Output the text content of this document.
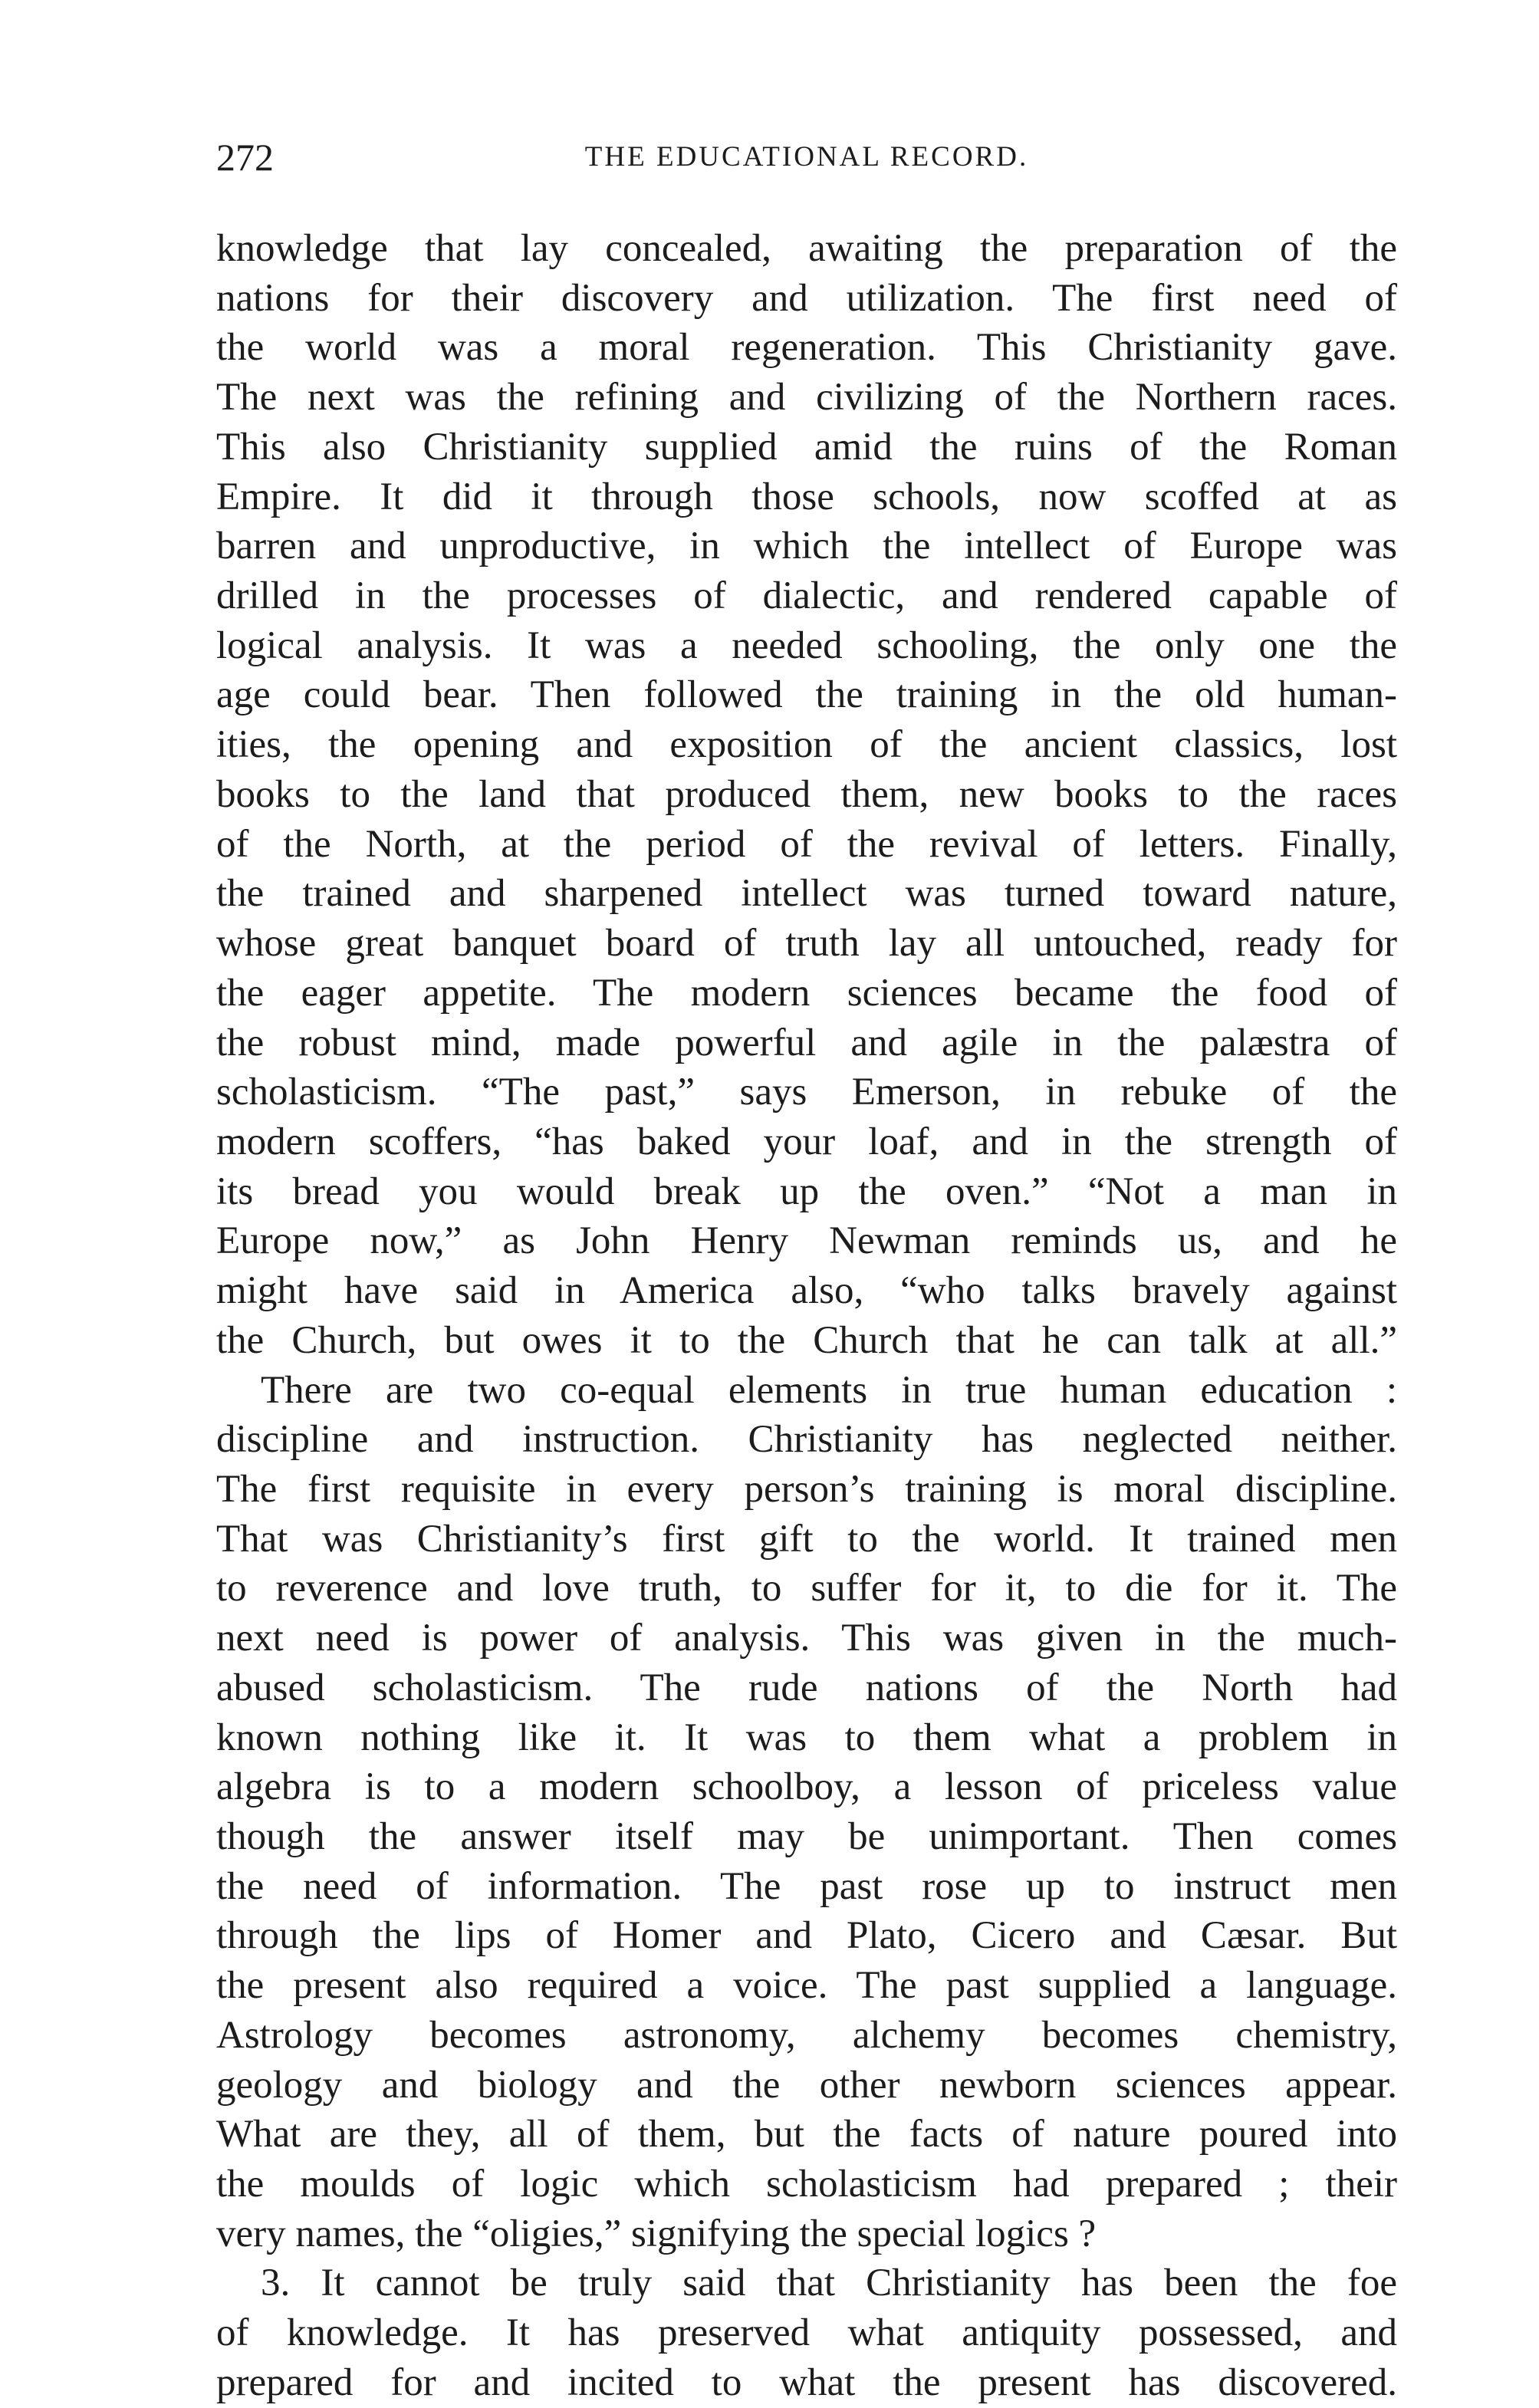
272	THE EDUCATIONAL RECORD.
knowledge that lay concealed, awaiting the preparation of the
nations for their discovery and utilization. The first need of
the world was a moral regeneration. This Christianity gave.
The next was the refining and civilizing of the Northern races.
This also Christianity supplied amid the ruins of the Roman
Empire. It did it through those schools, now scoffed at as
barren and unproductive, in which the intellect of Europe was
drilled in the processes of dialectic, and rendered capable of
logical analysis. It was a needed schooling, the only one the
age could bear. Then followed the training in the old human-
ities, the opening and exposition of the ancient classics, lost
books to the land that produced them, new books to the races
of the North, at the period of the revival of letters. Finally,
the trained and sharpened intellect was turned toward nature,
whose great banquet board of truth lay all untouched, ready for
the eager appetite. The modern sciences became the food of
the robust mind, made powerful and agile in the palæstra of
scholasticism. “The past,” says Emerson, in rebuke of the
modern scoffers, “has baked your loaf, and in the strength of
its bread you would break up the oven.” “Not a man in
Europe now,” as John Henry Newman reminds us, and he
might have said in America also, “who talks bravely against
the Church, but owes it to the Church that he can talk at all.”
There are two co-equal elements in true human education :
discipline and instruction. Christianity has neglected neither.
The first requisite in every person’s training is moral discipline.
That was Christianity’s first gift to the world. It trained men
to reverence and love truth, to suffer for it, to die for it. The
next need is power of analysis. This was given in the much-
abused scholasticism. The rude nations of the North had
known nothing like it. It was to them what a problem in
algebra is to a modern schoolboy, a lesson of priceless value
though the answer itself may be unimportant. Then comes
the need of information. The past rose up to instruct men
through the lips of Homer and Plato, Cicero and Cæsar. But
the present also required a voice. The past supplied a language.
Astrology becomes astronomy, alchemy becomes chemistry,
geology and biology and the other newborn sciences appear.
What are they, all of them, but the facts of nature poured into
the moulds of logic which scholasticism had prepared ; their
very names, the “oligies,” signifying the special logics ?
3. It cannot be truly said that Christianity has been the foe
of knowledge. It has preserved what antiquity possessed, and
prepared for and incited to what the present has discovered.
